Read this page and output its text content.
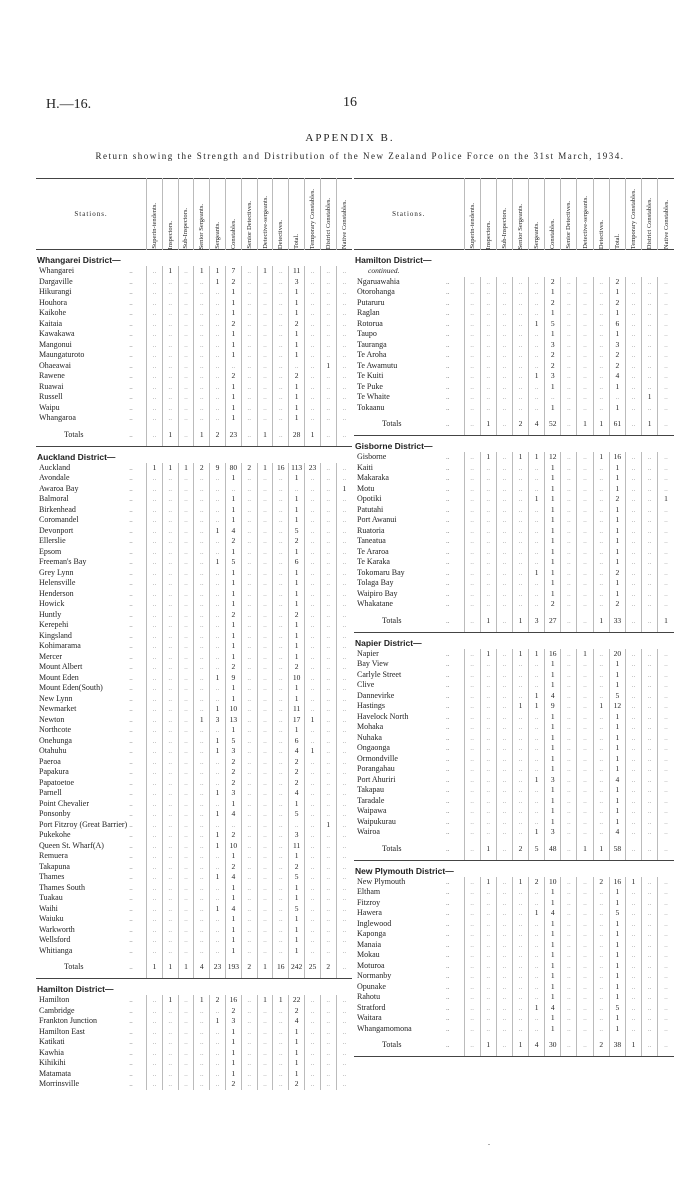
H.—16.	16
APPENDIX B.
Return showing the Strength and Distribution of the New Zealand Police Force on the 31st March, 1934.
Stations.		Superin-tendents.	Inspectors.	Sub-Inspectors.	Senior Sergeants.	Sergeants.	Constables.	Senior Detectives.	Detective-sergeants.	Detectives.	Total.	Temporary Constables.	District Constables.	Native Constables.

Whangarei District—														
Whangarei	..	..	1	..	1	1	7	..	1	..	11	..	..	..
Dargaville	..	..	..	..	..	1	2	..	..	..	3	..	..	..
Hikurangi	..	..	..	..	..	..	1	..	..	..	1	..	..	..
Houhora	..	..	..	..	..	..	1	..	..	..	1	..	..	..
Kaikohe	..	..	..	..	..	..	1	..	..	..	1	..	..	..
Kaitaia	..	..	..	..	..	..	2	..	..	..	2	..	..	..
Kawakawa	..	..	..	..	..	..	1	..	..	..	1	..	..	..
Mangonui	..	..	..	..	..	..	1	..	..	..	1	..	..	..
Maungaturoto	..	..	..	..	..	..	1	..	..	..	1	..	..	..
Ohaeawai	..	..	..	..	..	..	..	..	..	..	..	..	1	..
Rawene	..	..	..	..	..	..	2	..	..	..	2	..	..	..
Ruawai	..	..	..	..	..	..	1	..	..	..	1	..	..	..
Russell	..	..	..	..	..	..	1	..	..	..	1	..	..	..
Waipu	..	..	..	..	..	..	1	..	..	..	1	..	..	..
Whangaroa	..	..	..	..	..	..	1	..	..	..	1	..	..	..
Totals	..	..	1	..	1	2	23	..	1	..	28	1	..	..
Auckland District—														
Auckland	..	1	1	1	2	9	80	2	1	16	113	23	..	..
Avondale	..	..	..	..	..	..	1	..	..	..	1	..	..	..
Awaroa Bay	..	..	..	..	..	..	..	..	..	..	..	..	..	1
Balmoral	..	..	..	..	..	..	1	..	..	..	1	..	..	..
Birkenhead	..	..	..	..	..	..	1	..	..	..	1	..	..	..
Coromandel	..	..	..	..	..	..	1	..	..	..	1	..	..	..
Devonport	..	..	..	..	..	1	4	..	..	..	5	..	..	..
Ellerslie	..	..	..	..	..	..	2	..	..	..	2	..	..	..
Epsom	..	..	..	..	..	..	1	..	..	..	1	..	..	..
Freeman's Bay	..	..	..	..	..	1	5	..	..	..	6	..	..	..
Grey Lynn	..	..	..	..	..	..	1	..	..	..	1	..	..	..
Helensville	..	..	..	..	..	..	1	..	..	..	1	..	..	..
Henderson	..	..	..	..	..	..	1	..	..	..	1	..	..	..
Howick	..	..	..	..	..	..	1	..	..	..	1	..	..	..
Huntly	..	..	..	..	..	..	2	..	..	..	2	..	..	..
Kerepehi	..	..	..	..	..	..	1	..	..	..	1	..	..	..
Kingsland	..	..	..	..	..	..	1	..	..	..	1	..	..	..
Kohimarama	..	..	..	..	..	..	1	..	..	..	1	..	..	..
Mercer	..	..	..	..	..	..	1	..	..	..	1	..	..	..
Mount Albert	..	..	..	..	..	..	2	..	..	..	2	..	..	..
Mount Eden	..	..	..	..	..	1	9	..	..	..	10	..	..	..
Mount Eden(South)	..	..	..	..	..	..	1	..	..	..	1	..	..	..
New Lynn	..	..	..	..	..	..	1	..	..	..	1	..	..	..
Newmarket	..	..	..	..	..	1	10	..	..	..	11	..	..	..
Newton	..	..	..	..	1	3	13	..	..	..	17	1	..	..
Northcote	..	..	..	..	..	..	1	..	..	..	1	..	..	..
Onehunga	..	..	..	..	..	1	5	..	..	..	6	..	..	..
Otahuhu	..	..	..	..	..	1	3	..	..	..	4	1	..	..
Paeroa	..	..	..	..	..	..	2	..	..	..	2	..	..	..
Papakura	..	..	..	..	..	..	2	..	..	..	2	..	..	..
Papatoetoe	..	..	..	..	..	..	2	..	..	..	2	..	..	..
Parnell	..	..	..	..	..	1	3	..	..	..	4	..	..	..
Point Chevalier	..	..	..	..	..	..	1	..	..	..	1	..	..	..
Ponsonby	..	..	..	..	..	1	4	..	..	..	5	..	..	..
Port Fitzroy (Great Barrier)	..	..	..	..	..	..	..	..	..	..	..	..	1	..
Pukekohe	..	..	..	..	..	1	2	..	..	..	3	..	..	..
Queen St. Wharf(A)	..	..	..	..	..	1	10	..	..	..	11	..	..	..
Remuera	..	..	..	..	..	..	1	..	..	..	1	..	..	..
Takapuna	..	..	..	..	..	..	2	..	..	..	2	..	..	..
Thames	..	..	..	..	..	1	4	..	..	..	5	..	..	..
Thames South	..	..	..	..	..	..	1	..	..	..	1	..	..	..
Tuakau	..	..	..	..	..	..	1	..	..	..	1	..	..	..
Waihi	..	..	..	..	..	1	4	..	..	..	5	..	..	..
Waiuku	..	..	..	..	..	..	1	..	..	..	1	..	..	..
Warkworth	..	..	..	..	..	..	1	..	..	..	1	..	..	..
Wellsford	..	..	..	..	..	..	1	..	..	..	1	..	..	..
Whitianga	..	..	..	..	..	..	1	..	..	..	1	..	..	..
Totals	..	1	1	1	4	23	193	2	1	16	242	25	2	..
Hamilton District—														
Hamilton	..	..	1	..	1	2	16	..	1	1	22	..	..	..
Cambridge	..	..	..	..	..	..	2	..	..	..	2	..	..	..
Frankton Junction	..	..	..	..	..	1	3	..	..	..	4	..	..	..
Hamilton East	..	..	..	..	..	..	1	..	..	..	1	..	..	..
Katikati	..	..	..	..	..	..	1	..	..	..	1	..	..	..
Kawhia	..	..	..	..	..	..	1	..	..	..	1	..	..	..
Kihikihi	..	..	..	..	..	..	1	..	..	..	1	..	..	..
Matamata	..	..	..	..	..	..	1	..	..	..	1	..	..	..
Morrinsville	..	..	..	..	..	..	2	..	..	..	2	..	..	..
Stations.		Superin-tendents.	Inspectors.	Sub-Inspectors.	Senior Sergeants.	Sergeants.	Constables.	Senior Detectives.	Detective-sergeants.	Detectives.	Total.	Temporary Constables.	District Constables.	Native Constables.

Hamilton District—														
continued.														
Ngaruawahia	..	..	..	..	..	..	2	..	..	..	2	..	..	..
Otorohanga	..	..	..	..	..	..	1	..	..	..	1	..	..	..
Putaruru	..	..	..	..	..	..	2	..	..	..	2	..	..	..
Raglan	..	..	..	..	..	..	1	..	..	..	1	..	..	..
Rotorua	..	..	..	..	..	1	5	..	..	..	6	..	..	..
Taupo	..	..	..	..	..	..	1	..	..	..	1	..	..	..
Tauranga	..	..	..	..	..	..	3	..	..	..	3	..	..	..
Te Aroha	..	..	..	..	..	..	2	..	..	..	2	..	..	..
Te Awamutu	..	..	..	..	..	..	2	..	..	..	2	..	..	..
Te Kuiti	..	..	..	..	..	1	3	..	..	..	4	..	..	..
Te Puke	..	..	..	..	..	..	1	..	..	..	1	..	..	..
Te Whaite	..	..	..	..	..	..	..	..	..	..	..	..	1	..
Tokaanu	..	..	..	..	..	..	1	..	..	..	1	..	..	..
Totals	..	..	1	..	2	4	52	..	1	1	61	..	1	..
Gisborne District—														
Gisborne	..	..	1	..	1	1	12	..	..	1	16	..	..	..
Kaiti	..	..	..	..	..	..	1	..	..	..	1	..	..	..
Makaraka	..	..	..	..	..	..	1	..	..	..	1	..	..	..
Motu	..	..	..	..	..	..	1	..	..	..	1	..	..	..
Opotiki	..	..	..	..	..	1	1	..	..	..	2	..	..	1
Patutahi	..	..	..	..	..	..	1	..	..	..	1	..	..	..
Port Awanui	..	..	..	..	..	..	1	..	..	..	1	..	..	..
Ruatoria	..	..	..	..	..	..	1	..	..	..	1	..	..	..
Taneatua	..	..	..	..	..	..	1	..	..	..	1	..	..	..
Te Araroa	..	..	..	..	..	..	1	..	..	..	1	..	..	..
Te Karaka	..	..	..	..	..	..	1	..	..	..	1	..	..	..
Tokomaru Bay	..	..	..	..	..	1	1	..	..	..	2	..	..	..
Tolaga Bay	..	..	..	..	..	..	1	..	..	..	1	..	..	..
Waipiro Bay	..	..	..	..	..	..	1	..	..	..	1	..	..	..
Whakatane	..	..	..	..	..	..	2	..	..	..	2	..	..	..
Totals	..	..	1	..	1	3	27	..	..	1	33	..	..	1
Napier District—														
Napier	..	..	1	..	1	1	16	..	1	..	20	..	..	..
Bay View	..	..	..	..	..	..	1	..	..	..	1	..	..	..
Carlyle Street	..	..	..	..	..	..	1	..	..	..	1	..	..	..
Clive	..	..	..	..	..	..	1	..	..	..	1	..	..	..
Dannevirke	..	..	..	..	..	1	4	..	..	..	5	..	..	..
Hastings	..	..	..	..	1	1	9	..	..	1	12	..	..	..
Havelock North	..	..	..	..	..	..	1	..	..	..	1	..	..	..
Mohaka	..	..	..	..	..	..	1	..	..	..	1	..	..	..
Nuhaka	..	..	..	..	..	..	1	..	..	..	1	..	..	..
Ongaonga	..	..	..	..	..	..	1	..	..	..	1	..	..	..
Ormondville	..	..	..	..	..	..	1	..	..	..	1	..	..	..
Porangahau	..	..	..	..	..	..	1	..	..	..	1	..	..	..
Port Ahuriri	..	..	..	..	..	1	3	..	..	..	4	..	..	..
Takapau	..	..	..	..	..	..	1	..	..	..	1	..	..	..
Taradale	..	..	..	..	..	..	1	..	..	..	1	..	..	..
Waipawa	..	..	..	..	..	..	1	..	..	..	1	..	..	..
Waipukurau	..	..	..	..	..	..	1	..	..	..	1	..	..	..
Wairoa	..	..	..	..	..	1	3	..	..	..	4	..	..	..
Totals	..	..	1	..	2	5	48	..	1	1	58	..	..	..
New Plymouth District—														
New Plymouth	..	..	1	..	1	2	10	..	..	2	16	1	..	..
Eltham	..	..	..	..	..	..	1	..	..	..	1	..	..	..
Fitzroy	..	..	..	..	..	..	1	..	..	..	1	..	..	..
Hawera	..	..	..	..	..	1	4	..	..	..	5	..	..	..
Inglewood	..	..	..	..	..	..	1	..	..	..	1	..	..	..
Kaponga	..	..	..	..	..	..	1	..	..	..	1	..	..	..
Manaia	..	..	..	..	..	..	1	..	..	..	1	..	..	..
Mokau	..	..	..	..	..	..	1	..	..	..	1	..	..	..
Moturoa	..	..	..	..	..	..	1	..	..	..	1	..	..	..
Normanby	..	..	..	..	..	..	1	..	..	..	1	..	..	..
Opunake	..	..	..	..	..	..	1	..	..	..	1	..	..	..
Rahotu	..	..	..	..	..	..	1	..	..	..	1	..	..	..
Stratford	..	..	..	..	..	1	4	..	..	..	5	..	..	..
Waitara	..	..	..	..	..	..	1	..	..	..	1	..	..	..
Whangamomona	..	..	..	..	..	..	1	..	..	..	1	..	..	..
Totals	..	..	1	..	1	4	30	..	..	2	38	1	..	..
.
